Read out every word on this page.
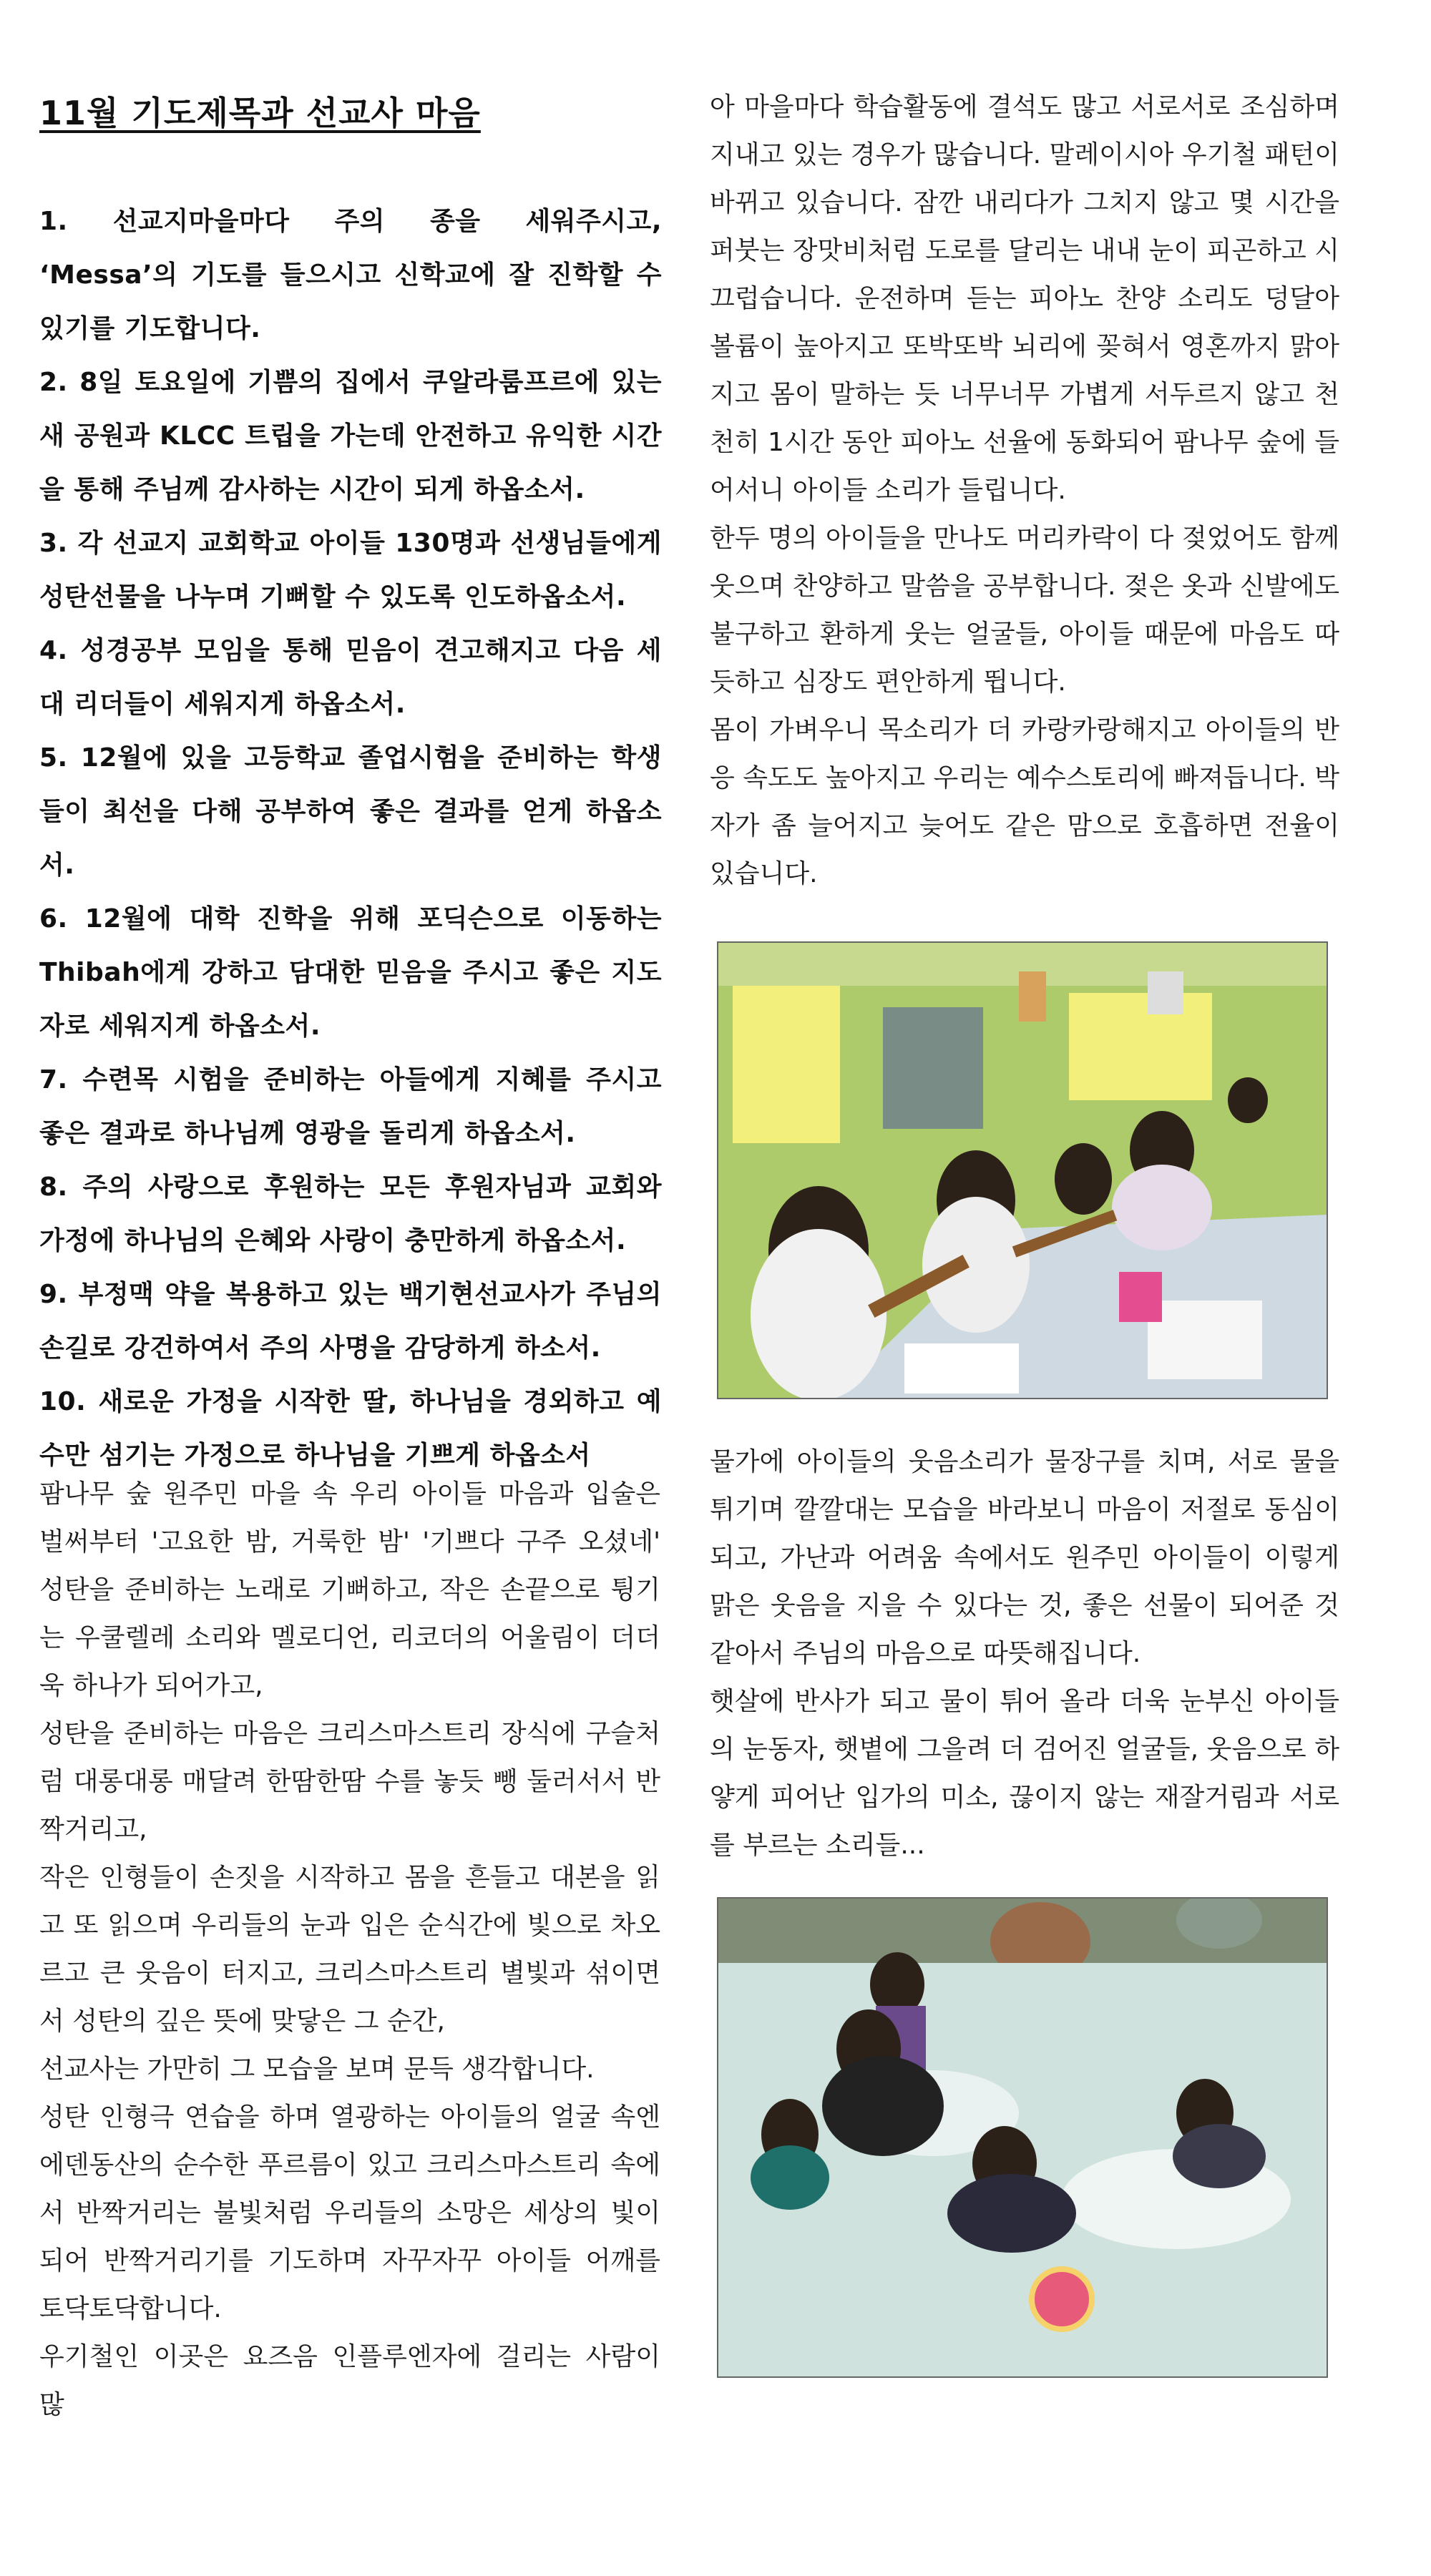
11월 기도제목과 선교사 마음

1. 선교지마을마다 주의 종을 세워주시고, ‘Messa’의 기도를 들으시고 신학교에 잘 진학할 수 있기를 기도합니다.

2. 8일 토요일에 기쁨의 집에서 쿠알라룸프르에 있는 새 공원과 KLCC 트립을 가는데 안전하고 유익한 시간을 통해 주님께 감사하는 시간이 되게 하옵소서.

3. 각 선교지 교회학교 아이들 130명과 선생님들에게 성탄선물을 나누며 기뻐할 수 있도록 인도하옵소서.

4. 성경공부 모임을 통해 믿음이 견고해지고 다음 세대 리더들이 세워지게 하옵소서.

5. 12월에 있을 고등학교 졸업시험을 준비하는 학생들이 최선을 다해 공부하여 좋은 결과를 얻게 하옵소서.

6. 12월에 대학 진학을 위해 포딕슨으로 이동하는 Thibah에게 강하고 담대한 믿음을 주시고 좋은 지도자로 세워지게 하옵소서.

7. 수련목 시험을 준비하는 아들에게 지혜를 주시고 좋은 결과로 하나님께 영광을 돌리게 하옵소서.

8. 주의 사랑으로 후원하는 모든 후원자님과 교회와 가정에 하나님의 은혜와 사랑이 충만하게 하옵소서.

9. 부정맥 약을 복용하고 있는 백기현선교사가 주님의 손길로 강건하여서 주의 사명을 감당하게 하소서.

10. 새로운 가정을 시작한 딸, 하나님을 경외하고 예수만 섬기는 가정으로 하나님을 기쁘게 하옵소서

팜나무 숲 원주민 마을 속 우리 아이들 마음과 입술은 벌써부터 '고요한 밤, 거룩한 밤' '기쁘다 구주 오셨네' 성탄을 준비하는 노래로 기뻐하고, 작은 손끝으로 튕기는 우쿨렐레 소리와 멜로디언, 리코더의 어울림이 더더욱 하나가 되어가고,

성탄을 준비하는 마음은 크리스마스트리 장식에 구슬처럼 대롱대롱 매달려 한땀한땀 수를 놓듯 뺑 둘러서서 반짝거리고,

작은 인형들이 손짓을 시작하고 몸을 흔들고 대본을 읽고 또 읽으며 우리들의 눈과 입은 순식간에 빛으로 차오르고 큰 웃음이 터지고, 크리스마스트리 별빛과 섞이면서 성탄의 깊은 뜻에 맞닿은 그 순간,

선교사는 가만히 그 모습을 보며 문득 생각합니다.

성탄 인형극 연습을 하며 열광하는 아이들의 얼굴 속엔 에덴동산의 순수한 푸르름이 있고 크리스마스트리 속에서 반짝거리는 불빛처럼 우리들의 소망은 세상의 빛이 되어 반짝거리기를 기도하며 자꾸자꾸 아이들 어깨를 토닥토닥합니다.

우기철인 이곳은 요즈음 인플루엔자에 걸리는 사람이 많

아 마을마다 학습활동에 결석도 많고 서로서로 조심하며 지내고 있는 경우가 많습니다. 말레이시아 우기철 패턴이 바뀌고 있습니다. 잠깐 내리다가 그치지 않고 몇 시간을 퍼붓는 장맛비처럼 도로를 달리는 내내 눈이 피곤하고 시끄럽습니다. 운전하며 듣는 피아노 찬양 소리도 덩달아 볼륨이 높아지고 또박또박 뇌리에 꽂혀서 영혼까지 맑아지고 몸이 말하는 듯 너무너무 가볍게 서두르지 않고 천천히 1시간 동안 피아노 선율에 동화되어 팜나무 숲에 들어서니 아이들 소리가 들립니다.

한두 명의 아이들을 만나도 머리카락이 다 젖었어도 함께 웃으며 찬양하고 말씀을 공부합니다. 젖은 옷과 신발에도 불구하고 환하게 웃는 얼굴들, 아이들 때문에 마음도 따듯하고 심장도 편안하게 뜁니다.

몸이 가벼우니 목소리가 더 카랑카랑해지고 아이들의 반응 속도도 높아지고 우리는 예수스토리에 빠져듭니다. 박자가 좀 늘어지고 늦어도 같은 맘으로 호흡하면 전율이 있습니다.

물가에 아이들의 웃음소리가 물장구를 치며, 서로 물을 튀기며 깔깔대는 모습을 바라보니 마음이 저절로 동심이 되고, 가난과 어려움 속에서도 원주민 아이들이 이렇게 맑은 웃음을 지을 수 있다는 것, 좋은 선물이 되어준 것 같아서 주님의 마음으로 따뜻해집니다.

햇살에 반사가 되고 물이 튀어 올라 더욱 눈부신 아이들의 눈동자, 햇볕에 그을려 더 검어진 얼굴들, 웃음으로 하얗게 피어난 입가의 미소, 끊이지 않는 재잘거림과 서로를 부르는 소리들...
